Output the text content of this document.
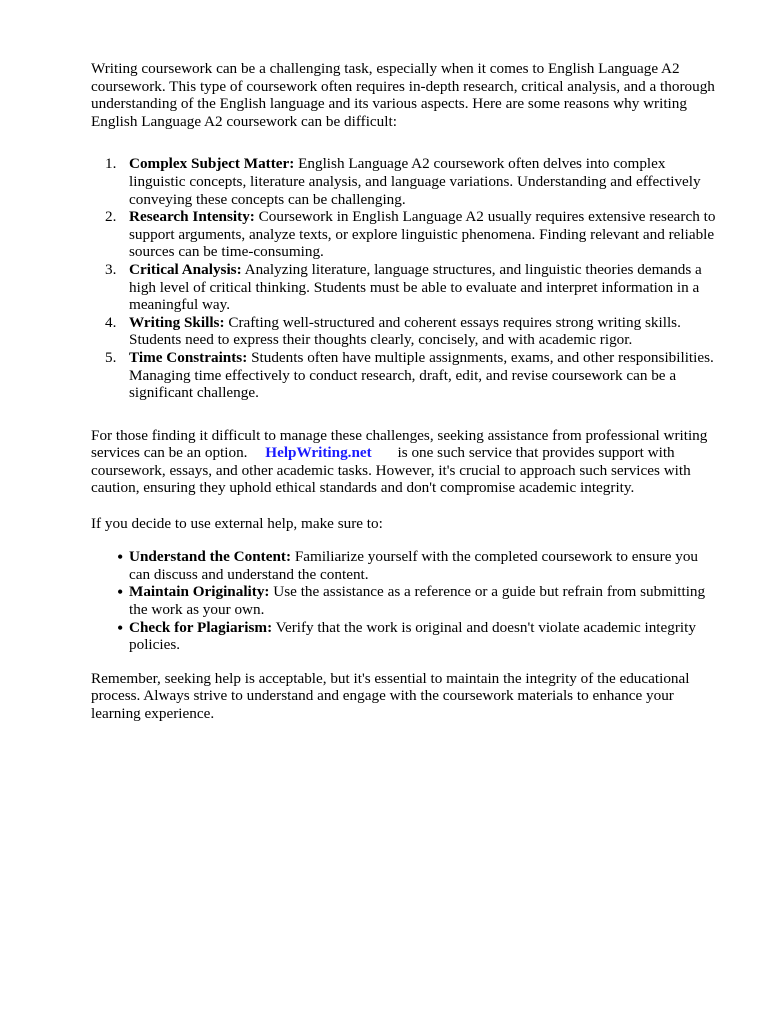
Writing coursework can be a challenging task, especially when it comes to English Language A2 coursework. This type of coursework often requires in-depth research, critical analysis, and a thorough understanding of the English language and its various aspects. Here are some reasons why writing English Language A2 coursework can be difficult:

1. Complex Subject Matter: English Language A2 coursework often delves into complex linguistic concepts, literature analysis, and language variations. Understanding and effectively conveying these concepts can be challenging.
2. Research Intensity: Coursework in English Language A2 usually requires extensive research to support arguments, analyze texts, or explore linguistic phenomena. Finding relevant and reliable sources can be time-consuming.
3. Critical Analysis: Analyzing literature, language structures, and linguistic theories demands a high level of critical thinking. Students must be able to evaluate and interpret information in a meaningful way.
4. Writing Skills: Crafting well-structured and coherent essays requires strong writing skills. Students need to express their thoughts clearly, concisely, and with academic rigor.
5. Time Constraints: Students often have multiple assignments, exams, and other responsibilities. Managing time effectively to conduct research, draft, edit, and revise coursework can be a significant challenge.

For those finding it difficult to manage these challenges, seeking assistance from professional writing services can be an option. HelpWriting.net is one such service that provides support with coursework, essays, and other academic tasks. However, it's crucial to approach such services with caution, ensuring they uphold ethical standards and don't compromise academic integrity.

If you decide to use external help, make sure to:

• Understand the Content: Familiarize yourself with the completed coursework to ensure you can discuss and understand the content.
• Maintain Originality: Use the assistance as a reference or a guide but refrain from submitting the work as your own.
• Check for Plagiarism: Verify that the work is original and doesn't violate academic integrity policies.

Remember, seeking help is acceptable, but it's essential to maintain the integrity of the educational process. Always strive to understand and engage with the coursework materials to enhance your learning experience.
